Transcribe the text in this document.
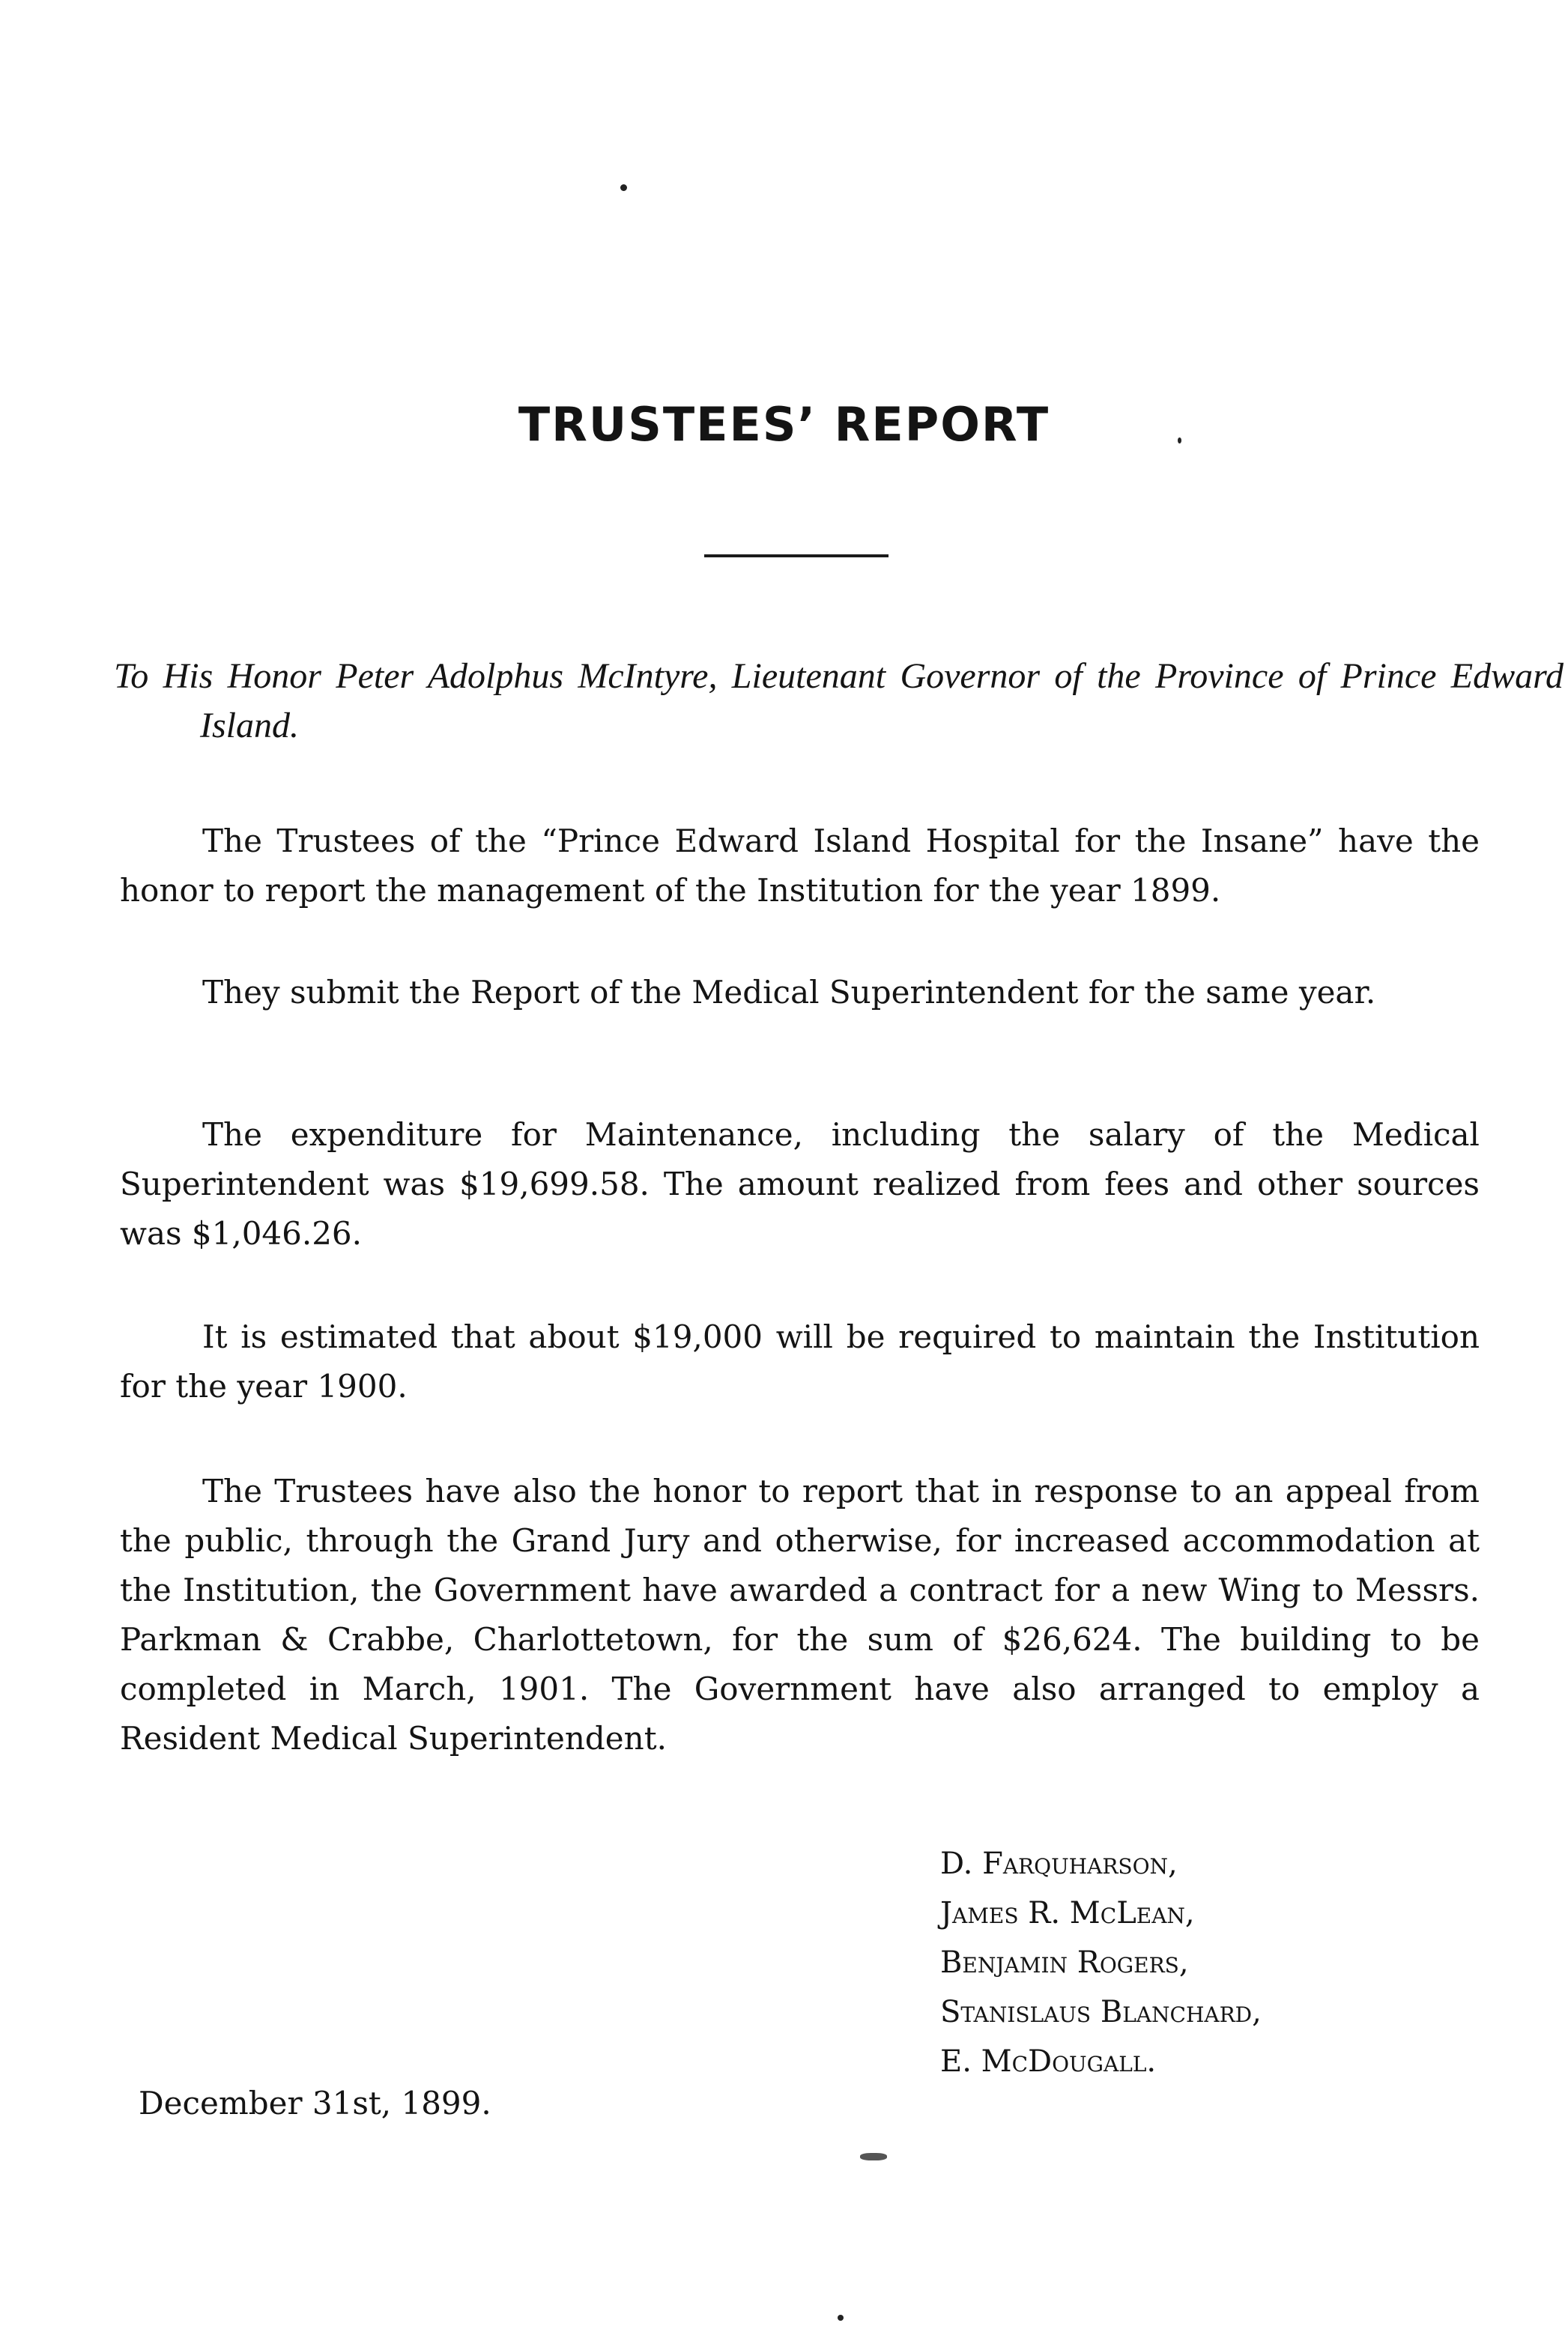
TRUSTEES’ REPORT

To His Honor Peter Adolphus McIntyre, Lieutenant Governor of the Province of Prince Edward Island.

The Trustees of the “Prince Edward Island Hospital for the Insane” have the honor to report the management of the Institution for the year 1899.

They submit the Report of the Medical Superintendent for the same year.

The expenditure for Maintenance, including the salary of the Medical Superintendent was $19,699.58. The amount realized from fees and other sources was $1,046.26.

It is estimated that about $19,000 will be required to maintain the Institution for the year 1900.

The Trustees have also the honor to report that in response to an appeal from the public, through the Grand Jury and otherwise, for increased accommodation at the Institution, the Government have awarded a contract for a new Wing to Messrs. Parkman & Crabbe, Charlottetown, for the sum of $26,624. The building to be completed in March, 1901. The Government have also arranged to employ a Resident Medical Superintendent.

D. Farquharson,
James R. McLean,
Benjamin Rogers,
Stanislaus Blanchard,
E. McDougall.

December 31st, 1899.
